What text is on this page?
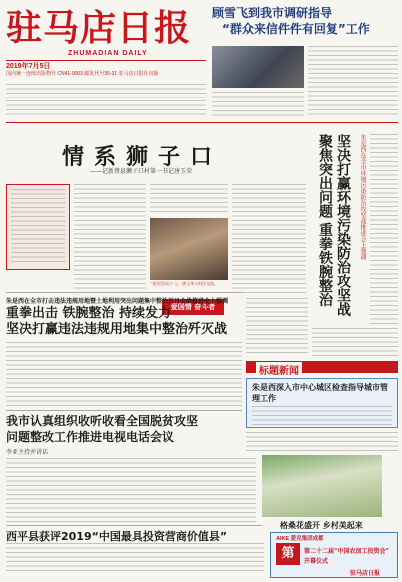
驻马店日报
ZHUMADIAN DAILY
2019年7月5日
国内统一连续出版物号 CN41-0063 邮发代号35-31 驻马店日报社出版
顾雪飞到我市调研指导
“群众来信件件有回复”工作
情系狮子口
——记新蔡县狮子口村第一书记唐玉荣
“党员活动日”上，唐玉荣与村民交流。
爱国情 奋斗者	坚决打赢环境污染防治攻坚战 聚焦突出问题 重拳铁腕整治	朱是西在全市环境污染防治攻坚战推进会上强调
朱是西在全市打击违法违规用地暨土地利用突出问题集中整治百日会战推进会上强调
重拳出击 铁腕整治 持续发力
坚决打赢违法违规用地集中整治歼灭战
标题新闻
朱是西深入市中心城区检查指导城市管理工作
我市认真组织收听收看全国脱贫攻坚
问题整改工作推进电视电话会议
李亚主持并讲话
格桑花盛开 乡村美起来
西平县获评2019“中国最具投资营商价值县”	AIKE 爱克集团成都
第	第二十二届“中国农加工投资会”
开幕仪式
驻马店日报
